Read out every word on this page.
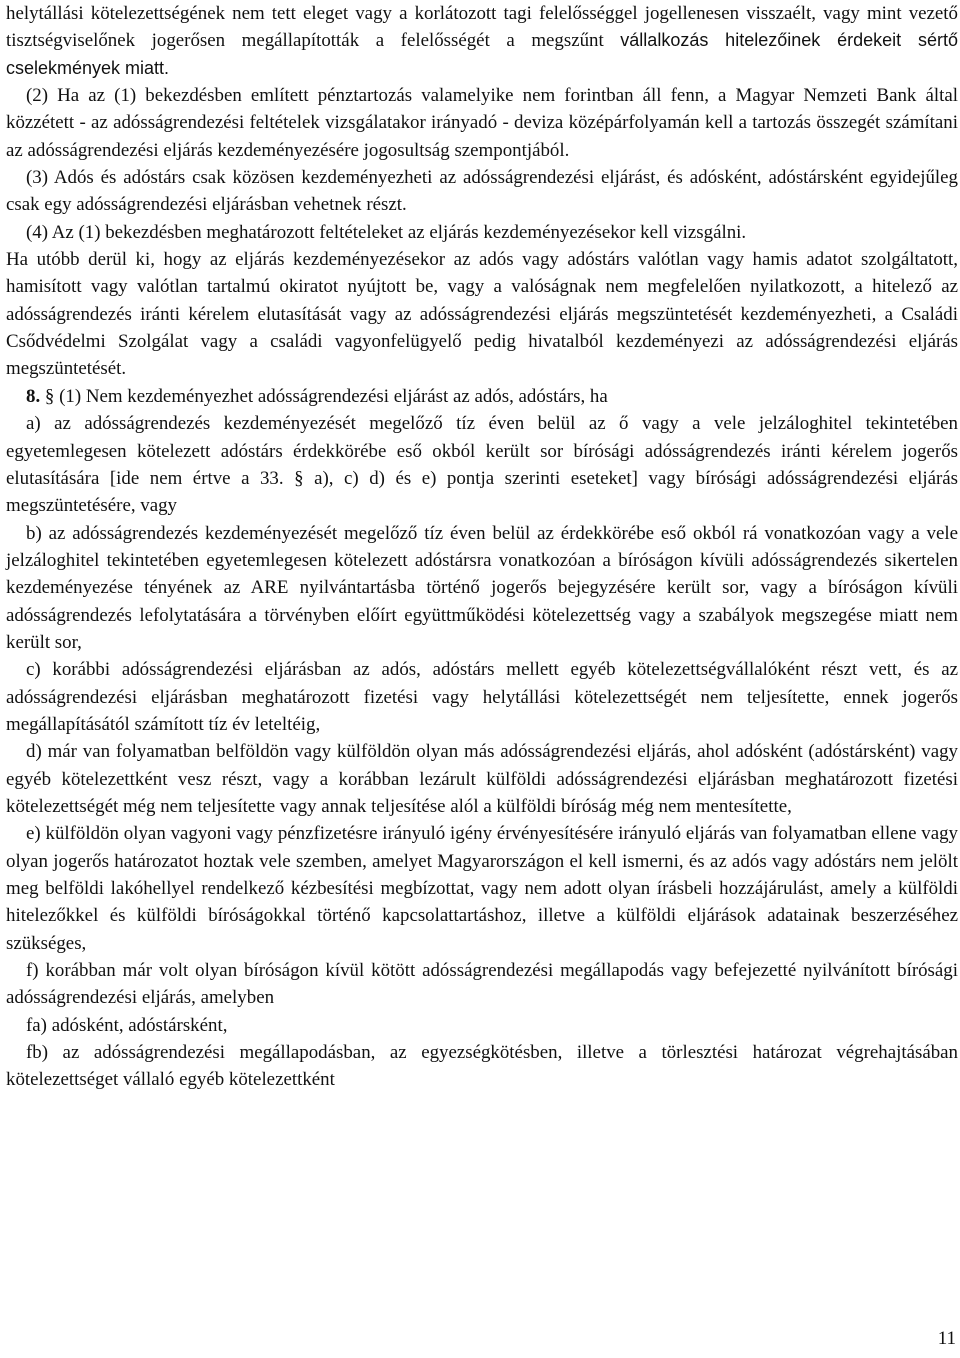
helytállási kötelezettségének nem tett eleget vagy a korlátozott tagi felelősséggel jogellenesen visszaélt, vagy mint vezető tisztségviselőnek jogerősen megállapították a felelősségét a megszűnt vállalkozás hitelezőinek érdekeit sértő cselekmények miatt.

(2) Ha az (1) bekezdésben említett pénztartozás valamelyike nem forintban áll fenn, a Magyar Nemzeti Bank által közzétett - az adósságrendezési feltételek vizsgálatakor irányadó - deviza középárfolyamán kell a tartozás összegét számítani az adósságrendezési eljárás kezdeményezésére jogosultság szempontjából.

(3) Adós és adóstárs csak közösen kezdeményezheti az adósságrendezési eljárást, és adósként, adóstársként egyidejűleg csak egy adósságrendezési eljárásban vehetnek részt.

(4) Az (1) bekezdésben meghatározott feltételeket az eljárás kezdeményezésekor kell vizsgálni.

Ha utóbb derül ki, hogy az eljárás kezdeményezésekor az adós vagy adóstárs valótlan vagy hamis adatot szolgáltatott, hamisított vagy valótlan tartalmú okiratot nyújtott be, vagy a valóságnak nem megfelelően nyilatkozott, a hitelező az adósságrendezés iránti kérelem elutasítását vagy az adósságrendezési eljárás megszüntetését kezdeményezheti, a Családi Csődvédelmi Szolgálat vagy a családi vagyonfelügyelő pedig hivatalból kezdeményezi az adósságrendezési eljárás megszüntetését.

8. § (1) Nem kezdeményezhet adósságrendezési eljárást az adós, adóstárs, ha

a) az adósságrendezés kezdeményezését megelőző tíz éven belül az ő vagy a vele jelzáloghitel tekintetében egyetemlegesen kötelezett adóstárs érdekkörébe eső okból került sor bírósági adósságrendezés iránti kérelem jogerős elutasítására [ide nem értve a 33. § a), c) d) és e) pontja szerinti eseteket] vagy bírósági adósságrendezési eljárás megszüntetésére, vagy

b) az adósságrendezés kezdeményezését megelőző tíz éven belül az érdekkörébe eső okból rá vonatkozóan vagy a vele jelzáloghitel tekintetében egyetemlegesen kötelezett adóstársra vonatkozóan a bíróságon kívüli adósságrendezés sikertelen kezdeményezése tényének az ARE nyilvántartásba történő jogerős bejegyzésére került sor, vagy a bíróságon kívüli adósságrendezés lefolytatására a törvényben előírt együttműködési kötelezettség vagy a szabályok megszegése miatt nem került sor,

c) korábbi adósságrendezési eljárásban az adós, adóstárs mellett egyéb kötelezettségvállalóként részt vett, és az adósságrendezési eljárásban meghatározott fizetési vagy helytállási kötelezettségét nem teljesítette, ennek jogerős megállapításától számított tíz év leteltéig,

d) már van folyamatban belföldön vagy külföldön olyan más adósságrendezési eljárás, ahol adósként (adóstársként) vagy egyéb kötelezettként vesz részt, vagy a korábban lezárult külföldi adósságrendezési eljárásban meghatározott fizetési kötelezettségét még nem teljesítette vagy annak teljesítése alól a külföldi bíróság még nem mentesítette,

e) külföldön olyan vagyoni vagy pénzfizetésre irányuló igény érvényesítésére irányuló eljárás van folyamatban ellene vagy olyan jogerős határozatot hoztak vele szemben, amelyet Magyarországon el kell ismerni, és az adós vagy adóstárs nem jelölt meg belföldi lakóhellyel rendelkező kézbesítési megbízottat, vagy nem adott olyan írásbeli hozzájárulást, amely a külföldi hitelezőkkel és külföldi bíróságokkal történő kapcsolattartáshoz, illetve a külföldi eljárások adatainak beszerzéséhez szükséges,

f) korábban már volt olyan bíróságon kívül kötött adósságrendezési megállapodás vagy befejezetté nyilvánított bírósági adósságrendezési eljárás, amelyben

fa) adósként, adóstársként,

fb) az adósságrendezési megállapodásban, az egyezségkötésben, illetve a törlesztési határozat végrehajtásában kötelezettséget vállaló egyéb kötelezettként

11
